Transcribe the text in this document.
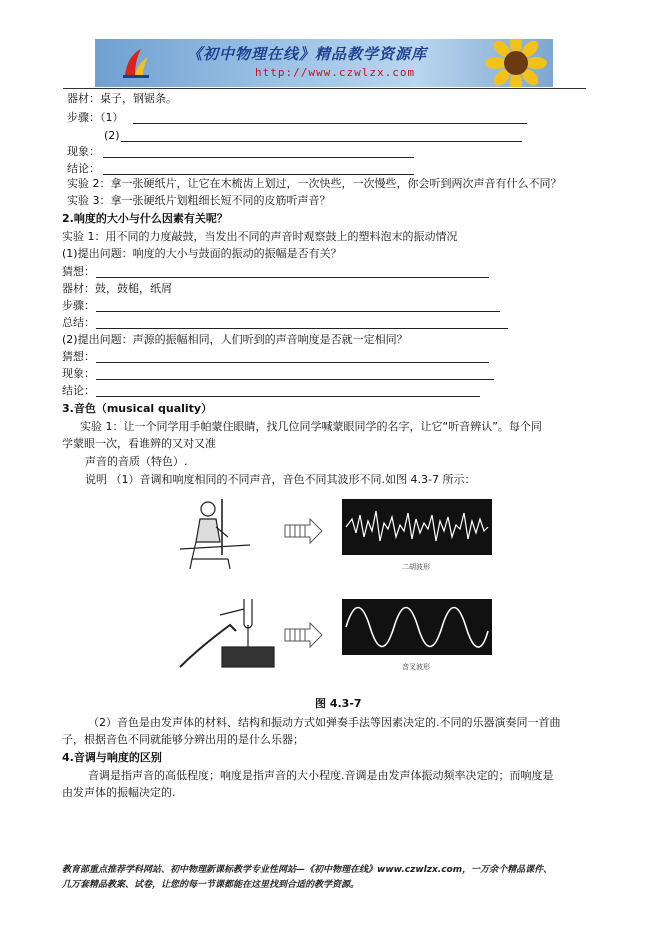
《初中物理在线》精品教学资源库
http://www.czwlzx.com
器材：桌子，钢锯条。
步骤：（1）
(2)
现象：
结论：
实验 2：拿一张硬纸片，让它在木梳齿上划过，一次快些，一次慢些，你会听到两次声音有什么不同？
实验 3：拿一张硬纸片划粗细长短不同的皮筋听声音？
2.响度的大小与什么因素有关呢？
实验 1：用不同的力度敲鼓，当发出不同的声音时观察鼓上的塑料泡末的振动情况
(1)提出问题：响度的大小与鼓面的振动的振幅是否有关？
猜想：
器材：鼓，鼓槌，纸屑
步骤：
总结：
(2)提出问题：声源的振幅相同，人们听到的声音响度是否就一定相同？
猜想：
现象：
结论：
3.音色（musical quality）
实验 1：让一个同学用手帕蒙住眼睛，找几位同学喊蒙眼同学的名字，让它“听音辨认”。每个同
学蒙眼一次，看谁辨的又对又准
声音的音质（特色）.
说明 （1）音调和响度相同的不同声音，音色不同其波形不同.如图 4.3-7 所示：
二胡波形
音叉波形
图 4.3-7
（2）音色是由发声体的材料、结构和振动方式如弹奏手法等因素决定的.不同的乐器演奏同一首曲
子，根据音色不同就能够分辨出用的是什么乐器；
4.音调与响度的区别
音调是指声音的高低程度；响度是指声音的大小程度.音调是由发声体振动频率决定的；而响度是
由发声体的振幅决定的.
教育部重点推荐学科网站、初中物理新课标教学专业性网站—《初中物理在线》www.czwlzx.com，一万余个精品课件、
几万套精品教案、试卷，让您的每一节课都能在这里找到合适的教学资源。
